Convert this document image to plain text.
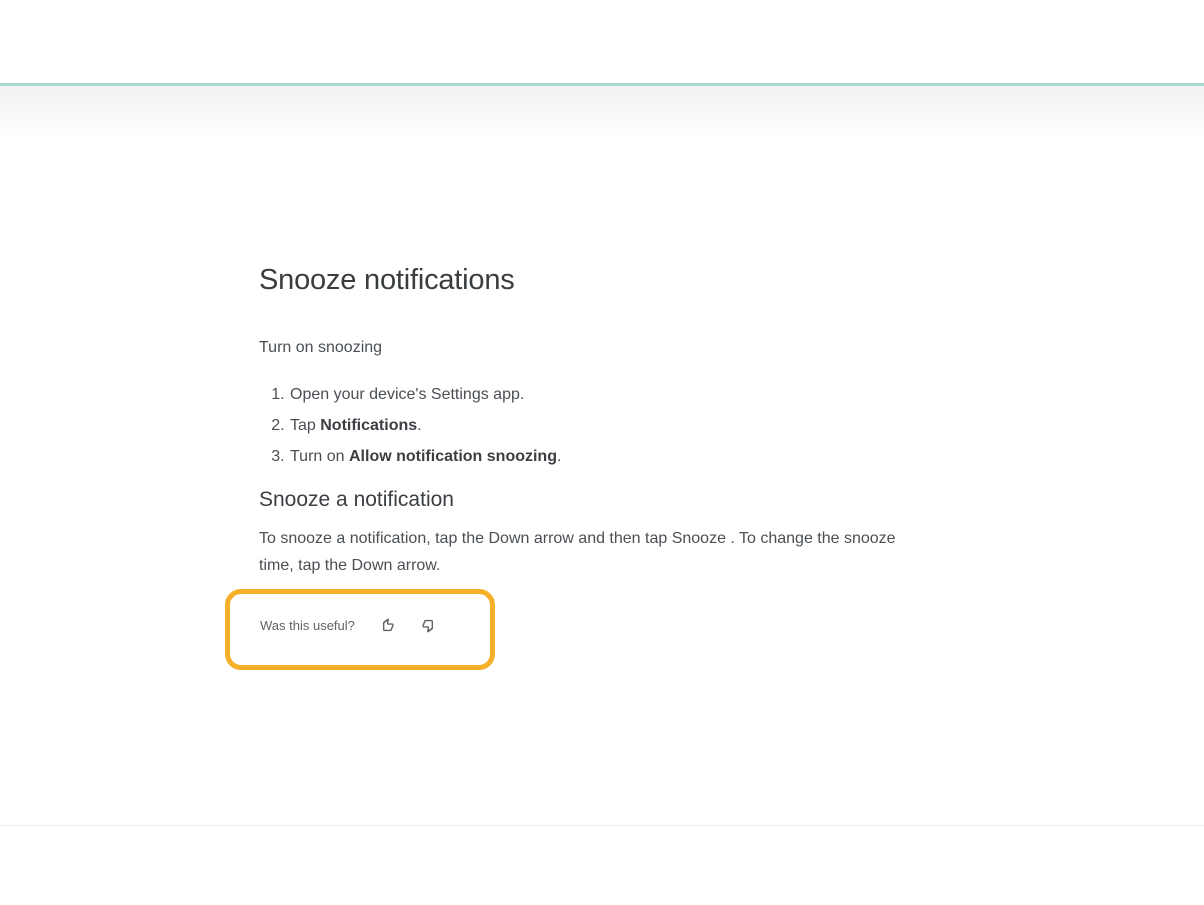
Snooze notifications

Turn on snoozing

1. Open your device's Settings app.
2. Tap Notifications.
3. Turn on Allow notification snoozing.
Snooze a notification

To snooze a notification, tap the Down arrow and then tap Snooze . To change the snooze time, tap the Down arrow.

Was this useful?
